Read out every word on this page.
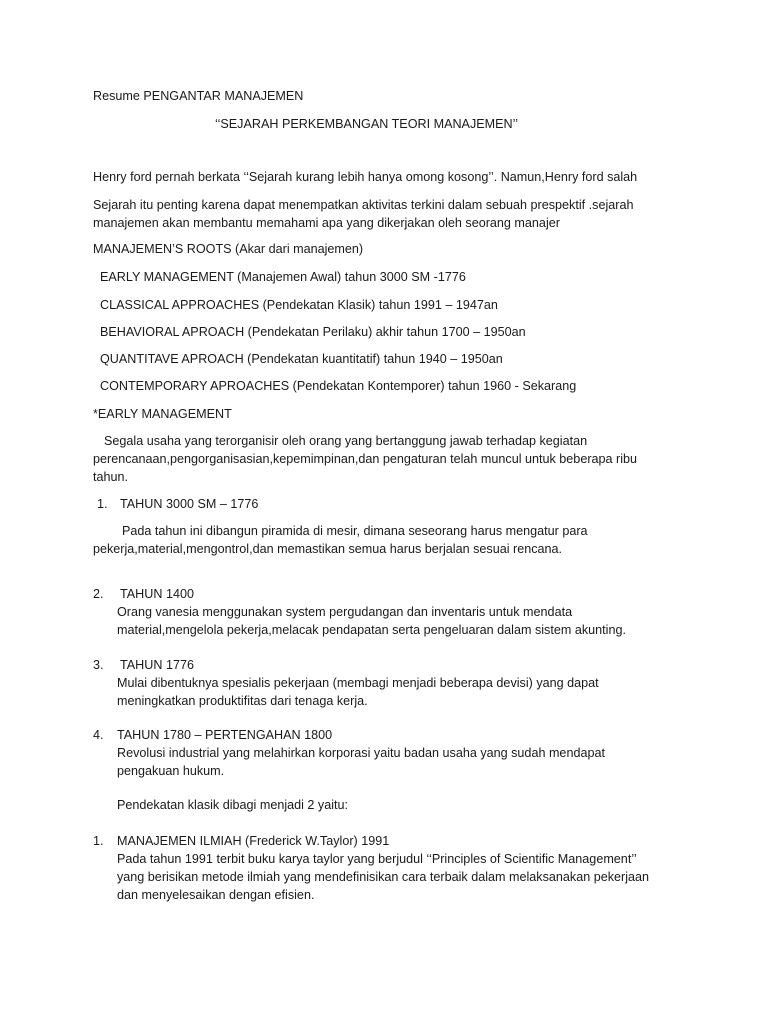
Resume PENGANTAR MANAJEMEN
‘‘SEJARAH PERKEMBANGAN TEORI MANAJEMEN’’
Henry ford pernah berkata ‘‘Sejarah kurang lebih hanya omong kosong’’. Namun,Henry ford salah
Sejarah itu penting karena dapat menempatkan aktivitas terkini dalam sebuah prespektif .sejarah
manajemen akan membantu memahami apa yang dikerjakan oleh seorang manajer
MANAJEMEN’S ROOTS (Akar dari manajemen)
EARLY MANAGEMENT (Manajemen Awal) tahun 3000 SM -1776
CLASSICAL APPROACHES (Pendekatan Klasik) tahun 1991 – 1947an
BEHAVIORAL APROACH (Pendekatan Perilaku) akhir tahun 1700 – 1950an
QUANTITAVE APROACH (Pendekatan kuantitatif) tahun 1940 – 1950an
CONTEMPORARY APROACHES (Pendekatan Kontemporer) tahun 1960 - Sekarang
*EARLY MANAGEMENT
Segala usaha yang terorganisir oleh orang yang bertanggung jawab terhadap kegiatan
perencanaan,pengorganisasian,kepemimpinan,dan pengaturan telah muncul untuk beberapa ribu
tahun.
1. TAHUN 3000 SM – 1776
Pada tahun ini dibangun piramida di mesir, dimana seseorang harus mengatur para
pekerja,material,mengontrol,dan memastikan semua harus berjalan sesuai rencana.
2. TAHUN 1400
Orang vanesia menggunakan system pergudangan dan inventaris untuk mendata
material,mengelola pekerja,melacak pendapatan serta pengeluaran dalam sistem akunting.
3. TAHUN 1776
Mulai dibentuknya spesialis pekerjaan (membagi menjadi beberapa devisi) yang dapat
meningkatkan produktifitas dari tenaga kerja.
4. TAHUN 1780 – PERTENGAHAN 1800
Revolusi industrial yang melahirkan korporasi yaitu badan usaha yang sudah mendapat
pengakuan hukum.
Pendekatan klasik dibagi menjadi 2 yaitu:
1. MANAJEMEN ILMIAH (Frederick W.Taylor) 1991
Pada tahun 1991 terbit buku karya taylor yang berjudul ‘‘Principles of Scientific Management’’
yang berisikan metode ilmiah yang mendefinisikan cara terbaik dalam melaksanakan pekerjaan
dan menyelesaikan dengan efisien.
